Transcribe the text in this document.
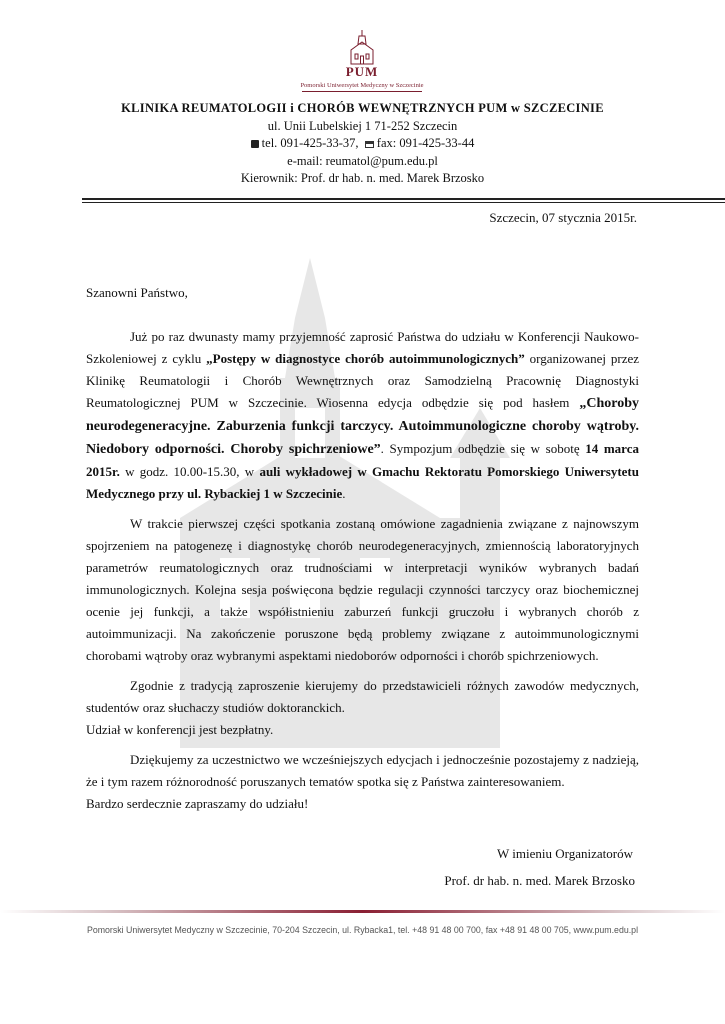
PUM
Pomorski Uniwersytet Medyczny w Szczecinie
KLINIKA REUMATOLOGII i CHORÓB WEWNĘTRZNYCH PUM w SZCZECINIE
ul. Unii Lubelskiej 1 71-252 Szczecin
tel. 091-425-33-37, fax: 091-425-33-44
e-mail: reumatol@pum.edu.pl
Kierownik: Prof. dr hab. n. med. Marek Brzosko
Szczecin, 07 stycznia 2015r.

Szanowni Państwo,

Już po raz dwunasty mamy przyjemność zaprosić Państwa do udziału w Konferencji Naukowo-Szkoleniowej z cyklu „Postępy w diagnostyce chorób autoimmunologicznych” organizowanej przez Klinikę Reumatologii i Chorób Wewnętrznych oraz Samodzielną Pracownię Diagnostyki Reumatologicznej PUM w Szczecinie. Wiosenna edycja odbędzie się pod hasłem „Choroby neurodegeneracyjne. Zaburzenia funkcji tarczycy. Autoimmunologiczne choroby wątroby. Niedobory odporności. Choroby spichrzeniowe”. Sympozjum odbędzie się w sobotę 14 marca 2015r. w godz. 10.00-15.30, w auli wykładowej w Gmachu Rektoratu Pomorskiego Uniwersytetu Medycznego przy ul. Rybackiej 1 w Szczecinie.

W trakcie pierwszej części spotkania zostaną omówione zagadnienia związane z najnowszym spojrzeniem na patogenezę i diagnostykę chorób neurodegeneracyjnych, zmiennością laboratoryjnych parametrów reumatologicznych oraz trudnościami w interpretacji wyników wybranych badań immunologicznych. Kolejna sesja poświęcona będzie regulacji czynności tarczycy oraz biochemicznej ocenie jej funkcji, a także współistnieniu zaburzeń funkcji gruczołu i wybranych chorób z autoimmunizacji. Na zakończenie poruszone będą problemy związane z autoimmunologicznymi chorobami wątroby oraz wybranymi aspektami niedoborów odporności i chorób spichrzeniowych.

Zgodnie z tradycją zaproszenie kierujemy do przedstawicieli różnych zawodów medycznych, studentów oraz słuchaczy studiów doktoranckich.

Udział w konferencji jest bezpłatny.

Dziękujemy za uczestnictwo we wcześniejszych edycjach i jednocześnie pozostajemy z nadzieją, że i tym razem różnorodność poruszanych tematów spotka się z Państwa zainteresowaniem.

Bardzo serdecznie zapraszamy do udziału!

W imieniu Organizatorów
Prof. dr hab. n. med. Marek Brzosko
Pomorski Uniwersytet Medyczny w Szczecinie, 70-204 Szczecin, ul. Rybacka1, tel. +48 91 48 00 700, fax +48 91 48 00 705, www.pum.edu.pl
